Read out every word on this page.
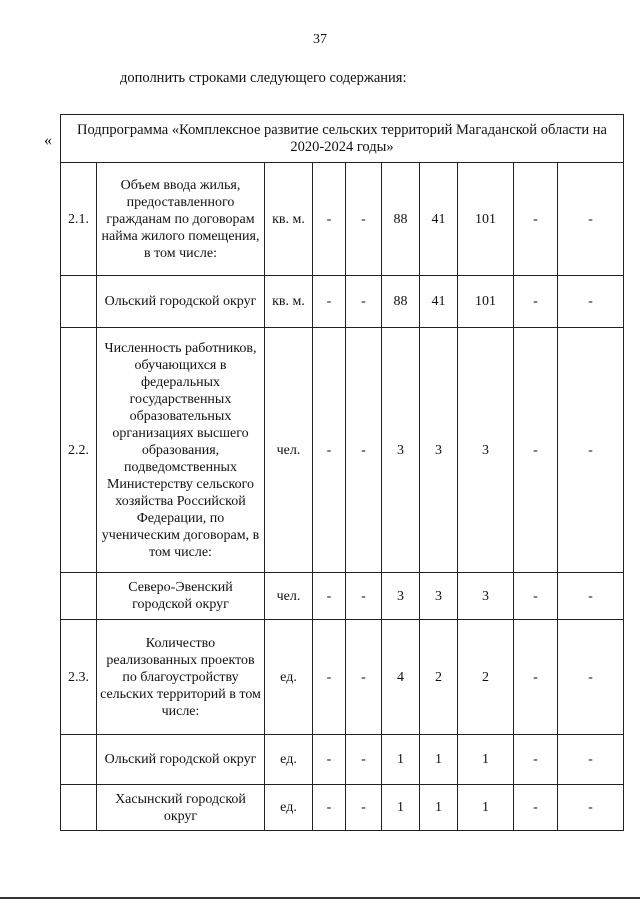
37
дополнить строками следующего содержания:
«
Подпрограмма «Комплексное развитие сельских территорий Магаданской области на 2020-2024 годы»									
2.1.	Объем ввода жилья, предоставленного гражданам по договорам найма жилого помещения, в том числе:	кв. м.	-	-	88	41	101	-	-
	Ольский городской округ	кв. м.	-	-	88	41	101	-	-
2.2.	Численность работников, обучающихся в федеральных государственных образовательных организациях высшего образования, подведомственных Министерству сельского хозяйства Российской Федерации, по ученическим договорам, в том числе:	чел.	-	-	3	3	3	-	-
	Северо-Эвенский городской округ	чел.	-	-	3	3	3	-	-
2.3.	Количество реализованных проектов по благоустройству сельских территорий в том числе:	ед.	-	-	4	2	2	-	-
	Ольский городской округ	ед.	-	-	1	1	1	-	-
	Хасынский городской округ	ед.	-	-	1	1	1	-	-
